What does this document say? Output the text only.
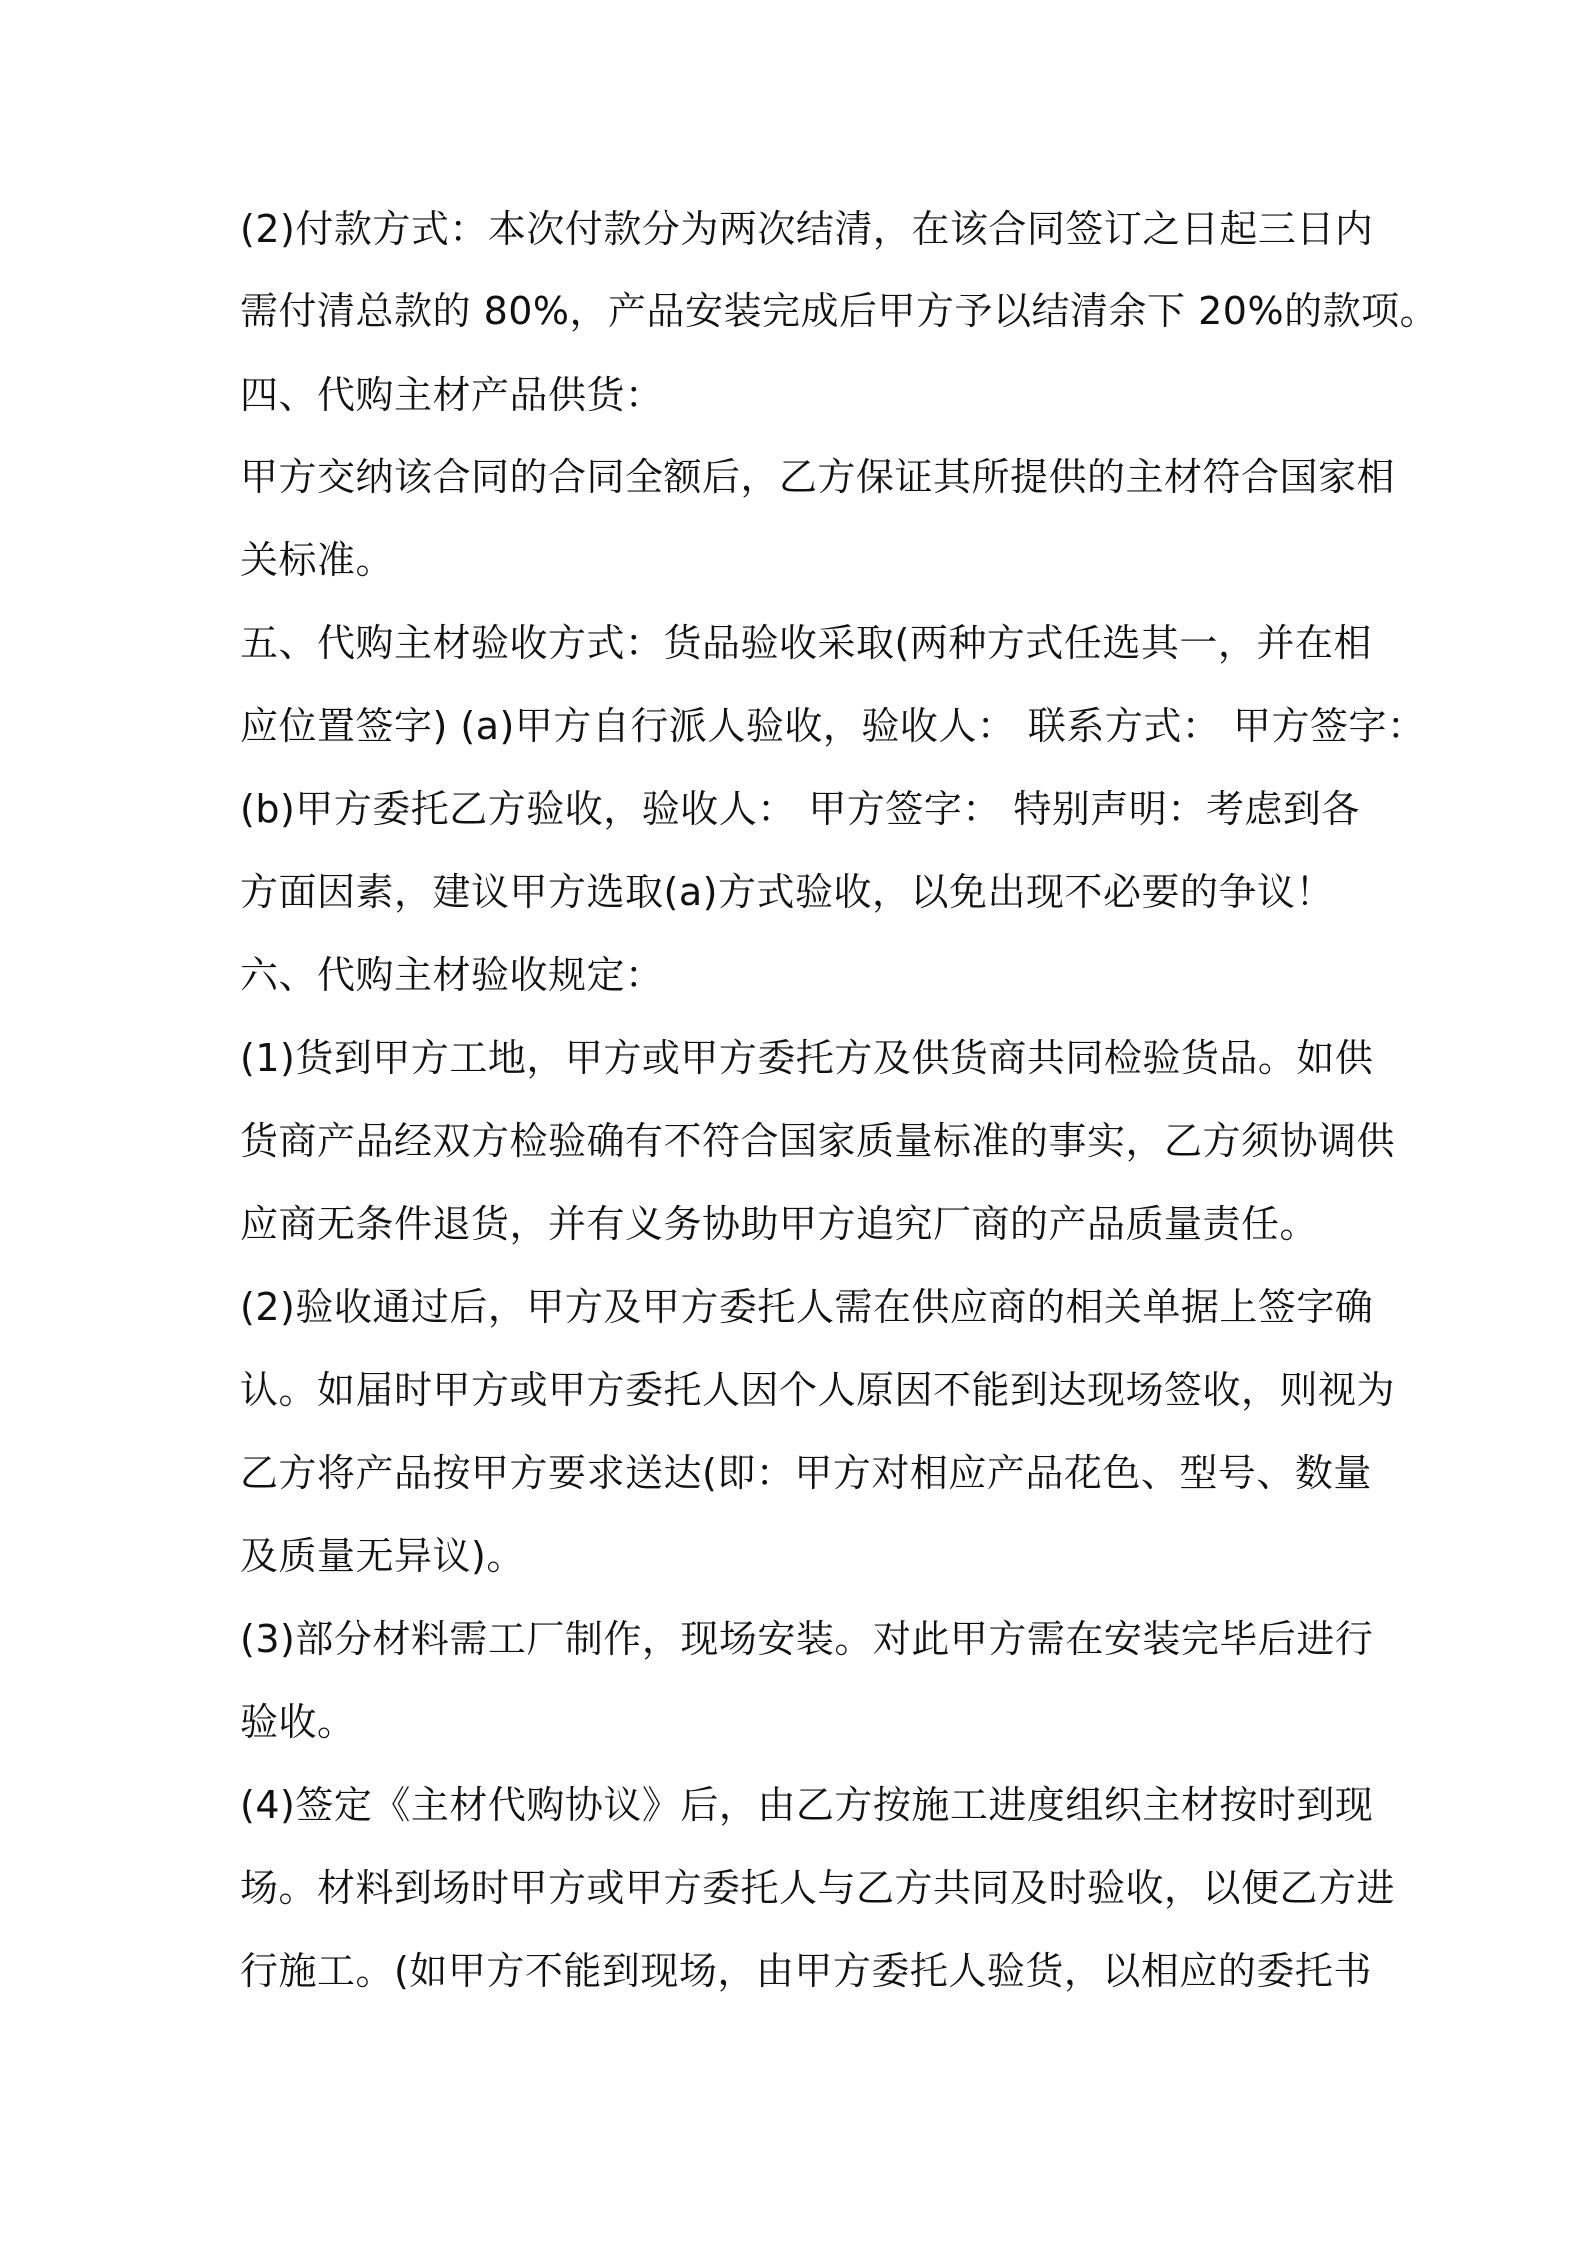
(2)付款方式：本次付款分为两次结清，在该合同签订之日起三日内
需付清总款的 80%，产品安装完成后甲方予以结清余下 20%的款项。
四、代购主材产品供货：
甲方交纳该合同的合同全额后，乙方保证其所提供的主材符合国家相
关标准。
五、代购主材验收方式：货品验收采取(两种方式任选其一，并在相
应位置签字) (a)甲方自行派人验收，验收人： 联系方式： 甲方签字：
(b)甲方委托乙方验收，验收人： 甲方签字： 特别声明：考虑到各
方面因素，建议甲方选取(a)方式验收，以免出现不必要的争议！
六、代购主材验收规定：
(1)货到甲方工地，甲方或甲方委托方及供货商共同检验货品。如供
货商产品经双方检验确有不符合国家质量标准的事实，乙方须协调供
应商无条件退货，并有义务协助甲方追究厂商的产品质量责任。
(2)验收通过后，甲方及甲方委托人需在供应商的相关单据上签字确
认。如届时甲方或甲方委托人因个人原因不能到达现场签收，则视为
乙方将产品按甲方要求送达(即：甲方对相应产品花色、型号、数量
及质量无异议)。
(3)部分材料需工厂制作，现场安装。对此甲方需在安装完毕后进行
验收。
(4)签定《主材代购协议》后，由乙方按施工进度组织主材按时到现
场。材料到场时甲方或甲方委托人与乙方共同及时验收，以便乙方进
行施工。(如甲方不能到现场，由甲方委托人验货，以相应的委托书
